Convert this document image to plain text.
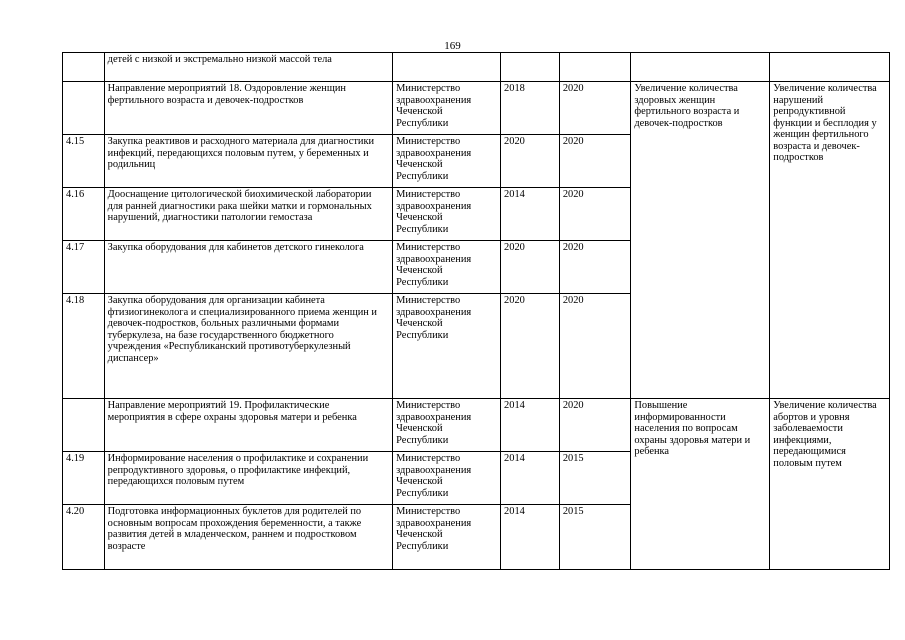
169
	детей с низкой и экстремально низкой массой тела					
	Направление мероприятий 18. Оздоровление женщин фертильного возраста и девочек-подростков	Министерство здравоохранения Чеченской Республики	2018	2020	Увеличение количества здоровых женщин фертильного возраста и девочек-подростков	Увеличение количества нарушений репродуктивной функции и бесплодия у женщин фертильного возраста и девочек-подростков
4.15	Закупка реактивов и расходного материала для диагностики инфекций, передающихся половым путем, у беременных и родильниц	Министерство здравоохранения Чеченской Республики	2020	2020		
4.16	Дооснащение цитологической биохимической лаборатории для ранней диагностики рака шейки матки и гормональных нарушений, диагностики патологии гемостаза	Министерство здравоохранения Чеченской Республики	2014	2020		
4.17	Закупка оборудования для кабинетов детского гинеколога	Министерство здравоохранения Чеченской Республики	2020	2020		
4.18	Закупка оборудования для организации кабинета фтизиогинеколога и специализированного приема женщин и девочек-подростков, больных различными формами туберкулеза, на базе государственного бюджетного учреждения «Республиканский противотуберкулезный диспансер»	Министерство здравоохранения Чеченской Республики	2020	2020		
	Направление мероприятий 19. Профилактические мероприятия в сфере охраны здоровья матери и ребенка	Министерство здравоохранения Чеченской Республики	2014	2020	Повышение информированности населения по вопросам охраны здоровья матери и ребенка	Увеличение количества абортов и уровня заболеваемости инфекциями, передающимися половым путем
4.19	Информирование населения о профилактике и сохранении репродуктивного здоровья, о профилактике инфекций, передающихся половым путем	Министерство здравоохранения Чеченской Республики	2014	2015		
4.20	Подготовка информационных буклетов для родителей по основным вопросам прохождения беременности, а также развития детей в младенческом, раннем и подростковом возрасте	Министерство здравоохранения Чеченской Республики	2014	2015		
